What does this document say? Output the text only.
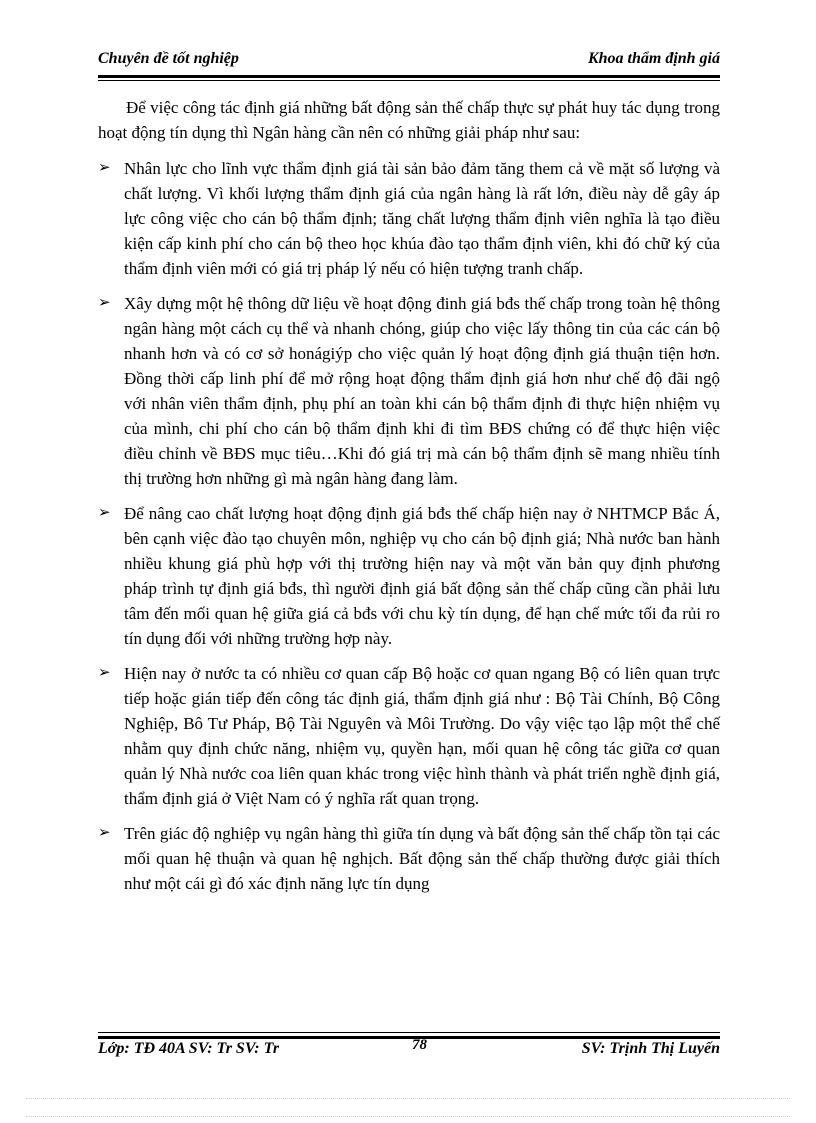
Chuyên đề tốt nghiệp	Khoa thẩm định giá

Để việc công tác định giá những bất động sản thế chấp thực sự phát huy tác dụng trong hoạt động tín dụng thì Ngân hàng cần nên có những giải pháp như sau:

➢ Nhân lực cho lĩnh vực thẩm định giá tài sản bảo đảm tăng them cả về mặt số lượng và chất lượng. Vì khối lượng thẩm định giá của ngân hàng là rất lớn, điều này dễ gây áp lực công việc cho cán bộ thẩm định; tăng chất lượng thẩm định viên nghĩa là tạo điều kiện cấp kinh phí cho cán bộ theo học khúa đào tạo thẩm định viên, khi đó chữ ký của thẩm định viên mới có giá trị pháp lý nếu có hiện tượng tranh chấp.
➢ Xây dựng một hệ thông dữ liệu về hoạt động đinh giá bđs thế chấp trong toàn hệ thông ngân hàng một cách cụ thể và nhanh chóng, giúp cho việc lấy thông tin của các cán bộ nhanh hơn và có cơ sở honágiýp cho việc quản lý hoạt động định giá thuận tiện hơn. Đồng thời cấp linh phí để mở rộng hoạt động thẩm định giá hơn như chế độ đãi ngộ với nhân viên thẩm định, phụ phí an toàn khi cán bộ thẩm định đi thực hiện nhiệm vụ của mình, chi phí cho cán bộ thẩm định khi đi tìm BĐS chứng có để thực hiện việc điều chỉnh về BĐS mục tiêu…Khi đó giá trị mà cán bộ thẩm định sẽ mang nhiều tính thị trường hơn những gì mà ngân hàng đang làm.
➢ Để nâng cao chất lượng hoạt động định giá bđs thế chấp hiện nay ở NHTMCP Bắc Á, bên cạnh việc đào tạo chuyên môn, nghiệp vụ cho cán bộ định giá; Nhà nước ban hành nhiều khung giá phù hợp với thị trường hiện nay và một văn bản quy định phương pháp trình tự định giá bđs, thì người định giá bất động sản thế chấp cũng cần phải lưu tâm đến mối quan hệ giữa giá cả bđs với chu kỳ tín dụng, để hạn chế mức tối đa rủi ro tín dụng đối với những trường hợp này.
➢ Hiện nay ở nước ta có nhiều cơ quan cấp Bộ hoặc cơ quan ngang Bộ có liên quan trực tiếp hoặc gián tiếp đến công tác định giá, thẩm định giá như : Bộ Tài Chính, Bộ Công Nghiệp, Bô Tư Pháp, Bộ Tài Nguyên và Môi Trường. Do vậy việc tạo lập một thể chế nhằm quy định chức năng, nhiệm vụ, quyền hạn, mối quan hệ công tác giữa cơ quan quản lý Nhà nước coa liên quan khác trong việc hình thành và phát triển nghề định giá, thẩm định giá ở Việt Nam có ý nghĩa rất quan trọng.
➢ Trên giác độ nghiệp vụ ngân hàng thì giữa tín dụng và bất động sản thế chấp tồn tại các mối quan hệ thuận và quan hệ nghịch. Bất động sản thế chấp thường được giải thích như một cái gì đó xác định năng lực tín dụng
Lớp: TĐ 40A SV: Tr SV: Tr	78	SV: Trịnh Thị Luyến
